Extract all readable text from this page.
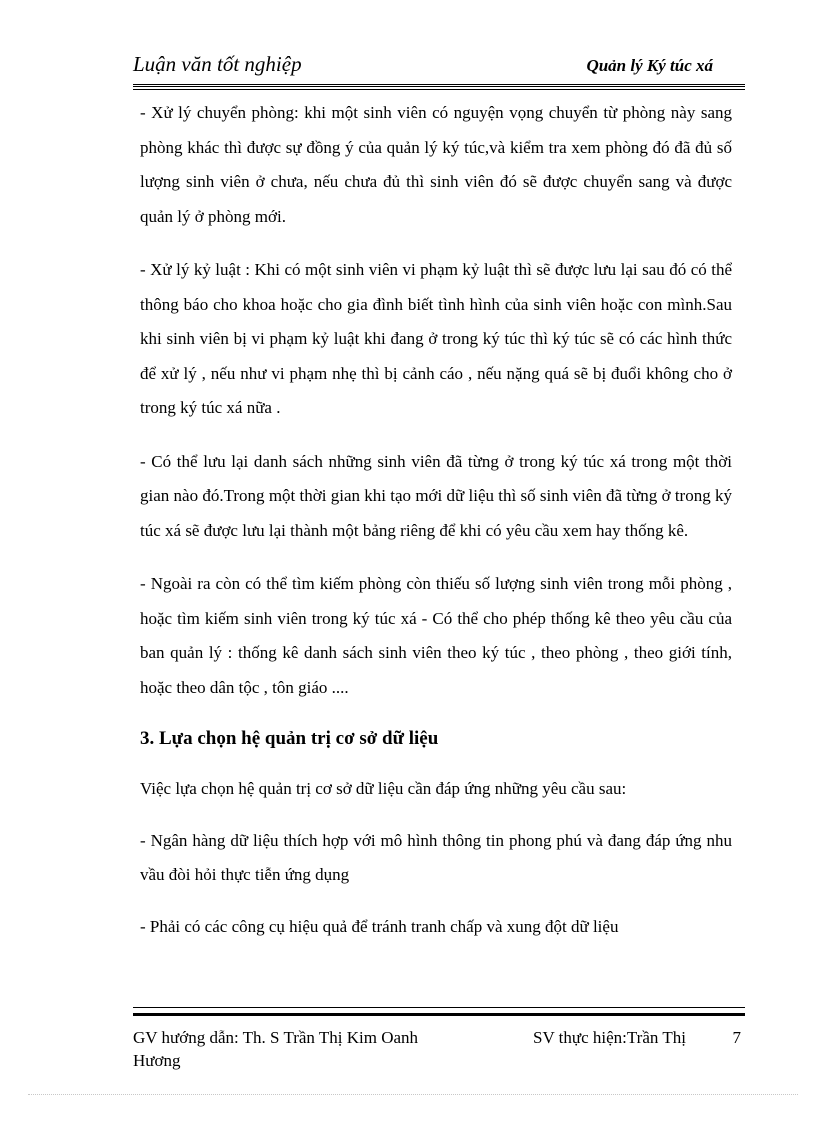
Luận văn tốt nghiệp	Quản lý Ký túc xá

- Xử lý chuyển phòng: khi một sinh viên có nguyện vọng chuyển từ phòng này sang phòng khác thì được sự đồng ý của quản lý ký túc,và kiểm tra xem phòng đó đã đủ số lượng sinh viên ở chưa, nếu chưa đủ thì sinh viên đó sẽ được chuyển sang và được quản lý ở phòng mới.

- Xử lý kỷ luật : Khi có một sinh viên vi phạm kỷ luật thì sẽ được lưu lại sau đó có thể thông báo cho khoa hoặc cho gia đình biết tình hình của sinh viên hoặc con mình.Sau khi sinh viên bị vi phạm kỷ luật khi đang ở trong ký túc thì ký túc sẽ có các hình thức để xử lý , nếu như vi phạm nhẹ thì bị cảnh cáo , nếu nặng quá sẽ bị đuổi không cho ở trong ký túc xá nữa .

- Có thể lưu lại danh sách những sinh viên đã từng ở trong ký túc xá trong một thời gian nào đó.Trong một thời gian khi tạo mới dữ liệu thì số sinh viên đã từng ở trong ký túc xá sẽ được lưu lại thành một bảng riêng để khi có yêu cầu xem hay thống kê.

- Ngoài ra còn có thể tìm kiếm phòng còn thiếu số lượng sinh viên trong mỗi phòng , hoặc tìm kiếm sinh viên trong ký túc xá - Có thể cho phép thống kê theo yêu cầu của ban quản lý : thống kê danh sách sinh viên theo ký túc , theo phòng , theo giới tính, hoặc theo dân tộc , tôn giáo ....

3. Lựa chọn hệ quản trị cơ sở dữ liệu

Việc lựa chọn hệ quản trị cơ sở dữ liệu cần đáp ứng những yêu cầu sau:

- Ngân hàng dữ liệu thích hợp với mô hình thông tin phong phú và đang đáp ứng nhu vầu đòi hỏi thực tiễn ứng dụng

- Phải có các công cụ hiệu quả để tránh tranh chấp và xung đột dữ liệu

GV hướng dẫn: Th. S Trần Thị Kim Oanh Hương
SV thực hiện:Trần Thị	7
